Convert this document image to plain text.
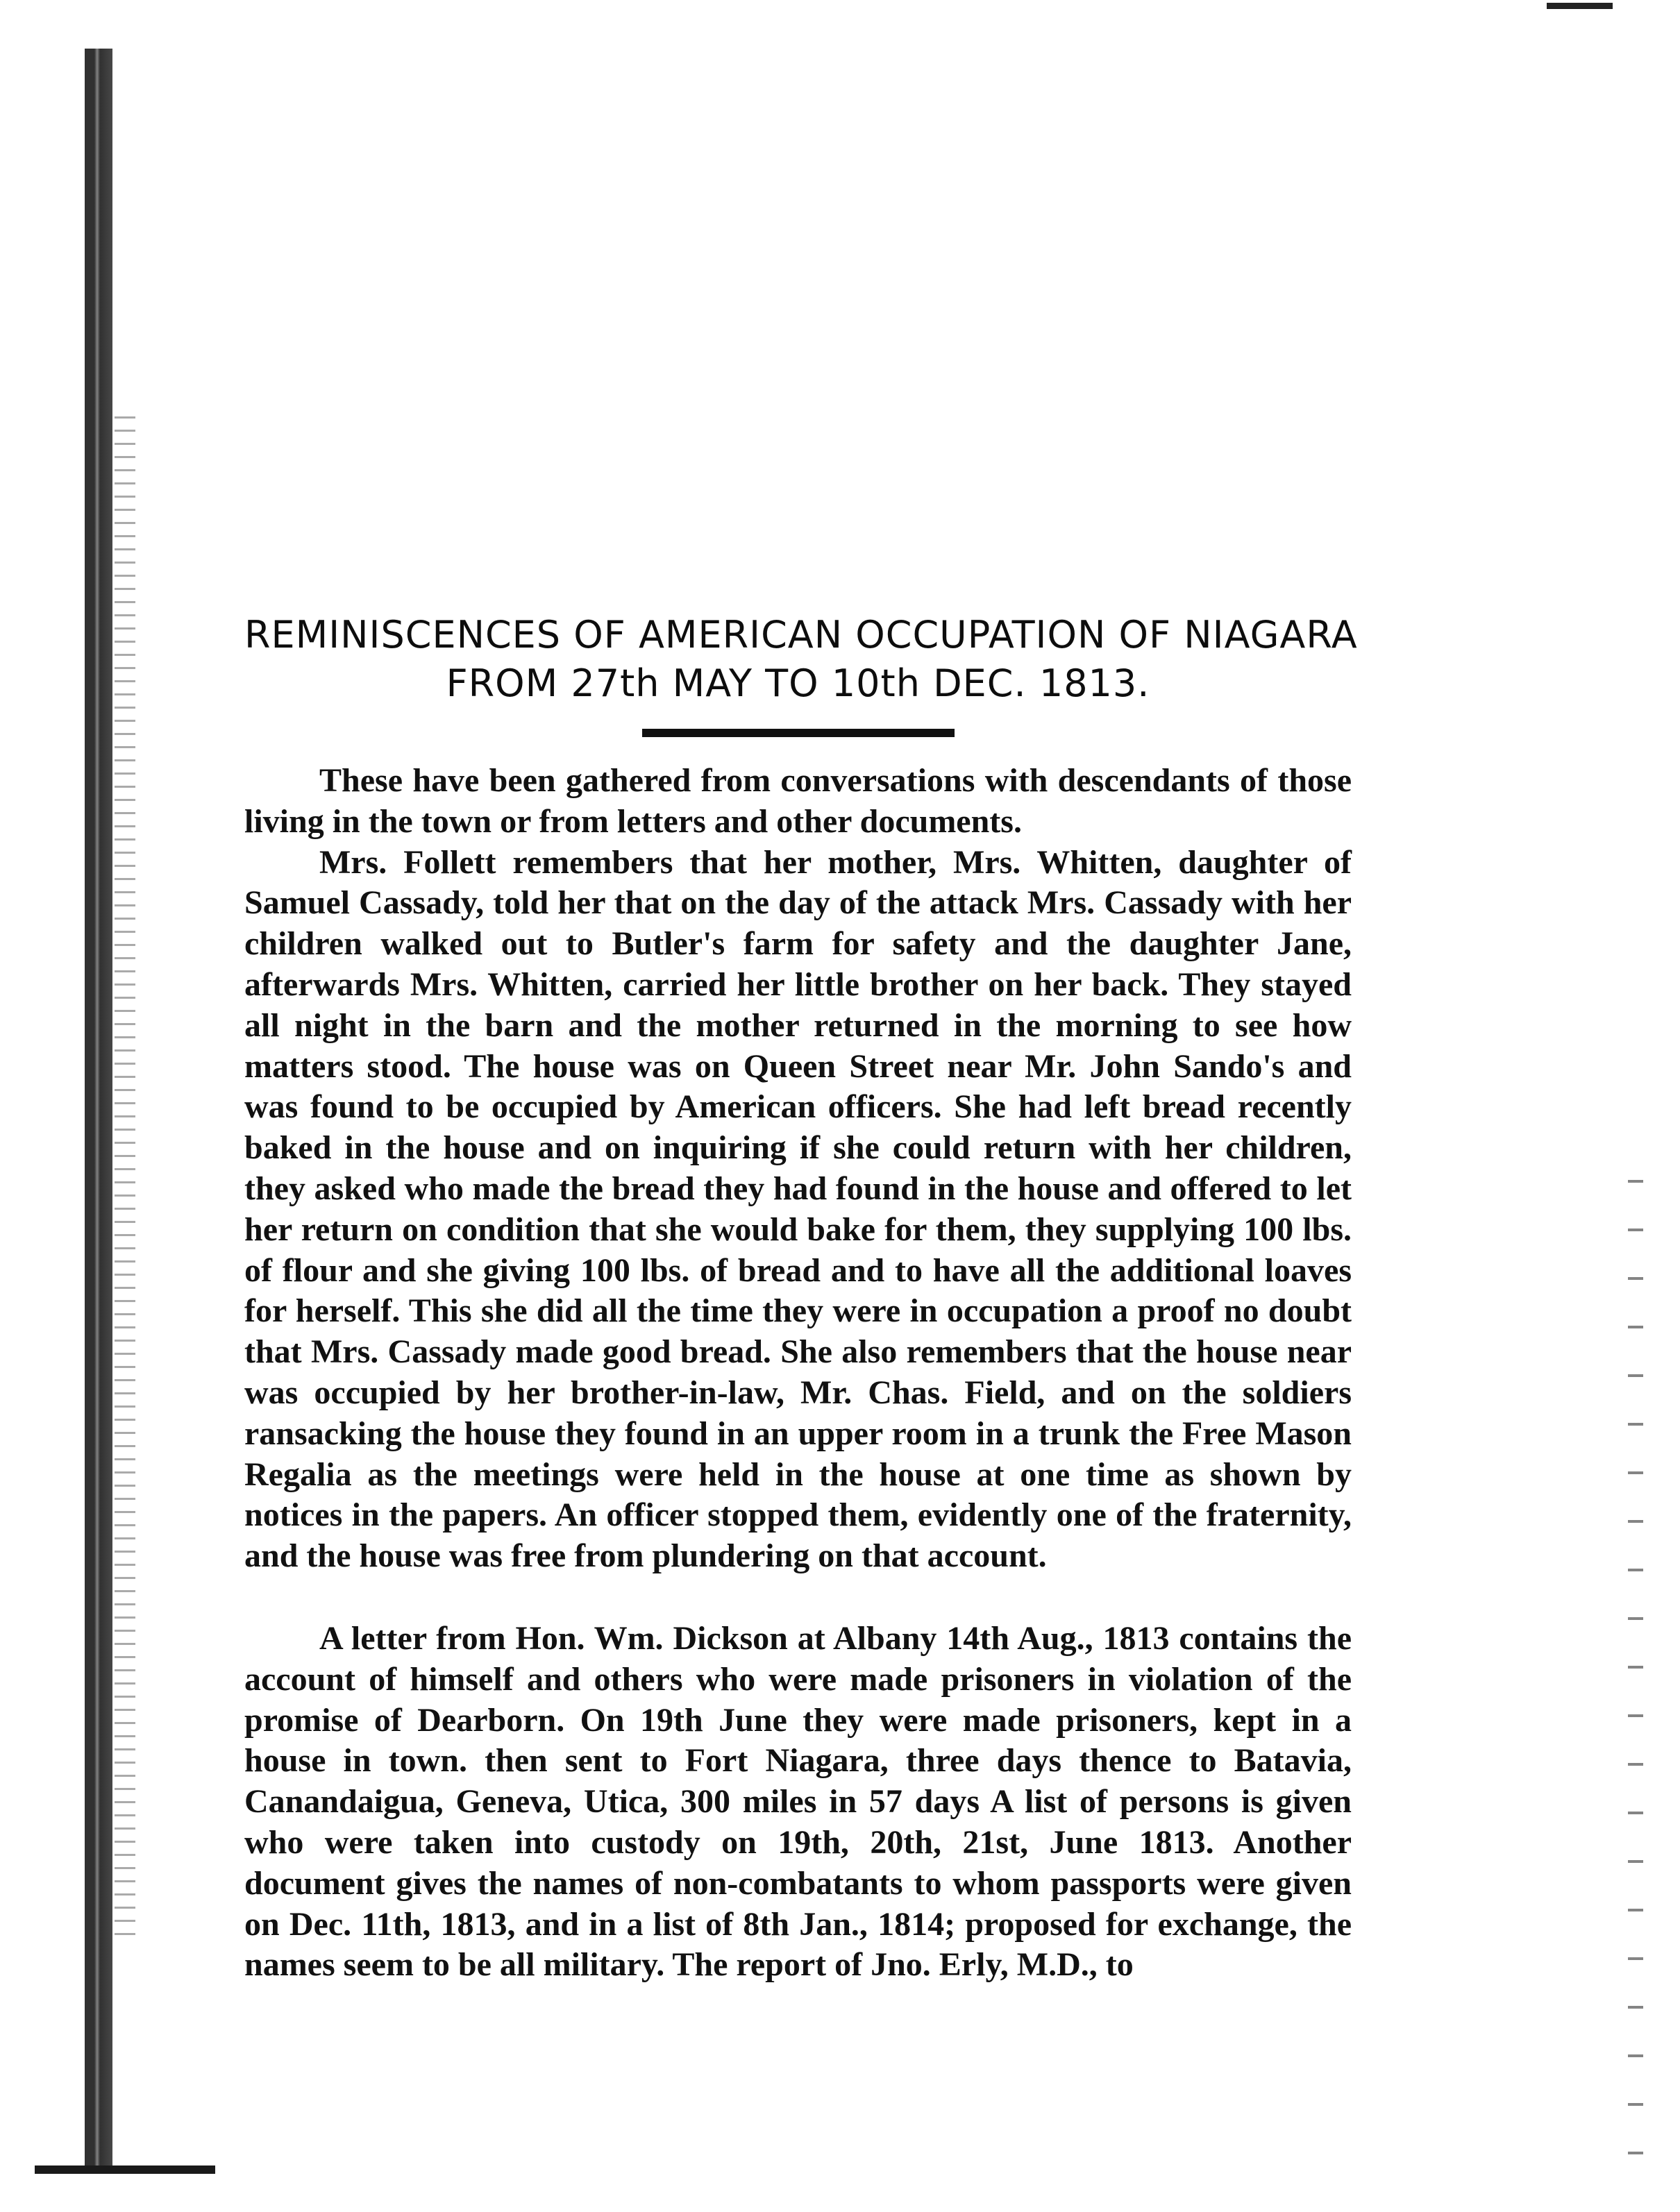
REMINISCENCES OF AMERICAN OCCUPATION OF NIAGARA
FROM 27th MAY TO 10th DEC. 1813.

These have been gathered from conversations with descendants of those living in the town or from letters and other documents.

Mrs. Follett remembers that her mother, Mrs. Whitten, daughter of Samuel Cassady, told her that on the day of the attack Mrs. Cassady with her children walked out to Butler's farm for safety and the daughter Jane, afterwards Mrs. Whitten, carried her little brother on her back. They stayed all night in the barn and the mother returned in the morning to see how matters stood. The house was on Queen Street near Mr. John Sando's and was found to be occupied by American officers. She had left bread recently baked in the house and on inquiring if she could return with her children, they asked who made the bread they had found in the house and offered to let her return on condition that she would bake for them, they supplying 100 lbs. of flour and she giving 100 lbs. of bread and to have all the additional loaves for herself. This she did all the time they were in occupation a proof no doubt that Mrs. Cassady made good bread. She also remembers that the house near was occupied by her brother-in-law, Mr. Chas. Field, and on the soldiers ransacking the house they found in an upper room in a trunk the Free Mason Regalia as the meetings were held in the house at one time as shown by notices in the papers. An officer stopped them, evidently one of the fraternity, and the house was free from plundering on that account.

A letter from Hon. Wm. Dickson at Albany 14th Aug., 1813 contains the account of himself and others who were made prisoners in violation of the promise of Dearborn. On 19th June they were made prisoners, kept in a house in town. then sent to Fort Niagara, three days thence to Batavia, Canandaigua, Geneva, Utica, 300 miles in 57 days A list of persons is given who were taken into custody on 19th, 20th, 21st, June 1813. Another document gives the names of non-combatants to whom passports were given on Dec. 11th, 1813, and in a list of 8th Jan., 1814; proposed for exchange, the names seem to be all military. The report of Jno. Erly, M.D., to
